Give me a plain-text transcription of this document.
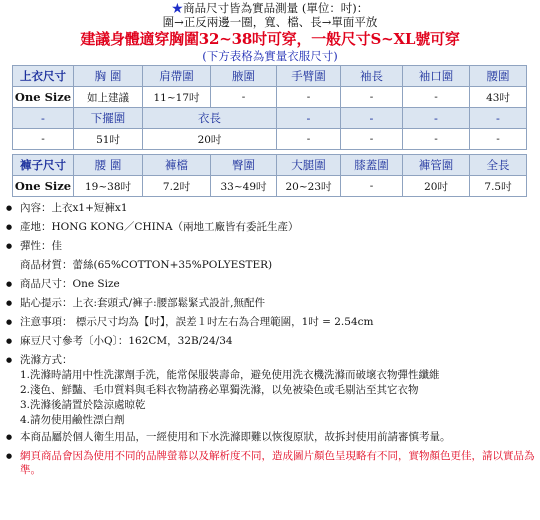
★商品尺寸皆為實品測量 (單位：吋)：
圍→正反兩邊一圈，寬、檔、長→單面平放
建議身體適穿胸圍32~38吋可穿，一般尺寸S~XL號可穿
(下方表格為實量衣服尺寸)
上衣尺寸	胸 圍	肩帶圍	腋圍	手臂圍	袖長	袖口圍	腰圍
One Size	如上建議	11~17吋	-	-	-	-	43吋
-	下擺圍	衣長		-	-	-	-
-	51吋	20吋		-	-	-	-
褲子尺寸	腰 圍	褲檔	臀圍	大腿圍	膝蓋圍	褲管圍	全長
One Size	19~38吋	7.2吋	33~49吋	20~23吋	-	20吋	7.5吋
● 內容：上衣x1+短褲x1
● 產地：HONG KONG／CHINA（兩地工廠皆有委託生產）
● 彈性：佳
商品材質：蕾絲(65%COTTON+35%POLYESTER)
● 商品尺寸：One Size
● 貼心提示：上衣:套頭式/褲子:腰部鬆緊式設計,無配件
● 注意事項： 標示尺寸均為【吋】，誤差１吋左右為合理範圍，1吋 = 2.54cm
● 麻豆尺寸參考〔小Q〕：162CM，32B/24/34
● 洗滌方式：
1.洗滌時請用中性洗潔劑手洗，能常保服裝壽命，避免使用洗衣機洗滌而破壞衣物彈性纖維
2.淺色、鮮豔、毛巾質料與毛料衣物請務必單獨洗滌，以免被染色或毛剔沾至其它衣物
3.洗滌後請置於陰涼處晾乾
4.請勿使用鹼性漂白劑
● 本商品屬於個人衛生用品，一經使用和下水洗滌即難以恢復原狀，故拆封使用前請審慎考量。
● 網頁商品會因為使用不同的品牌螢幕以及解析度不同，造成圖片顏色呈現略有不同，實物顏色更佳，請以實品為準。
